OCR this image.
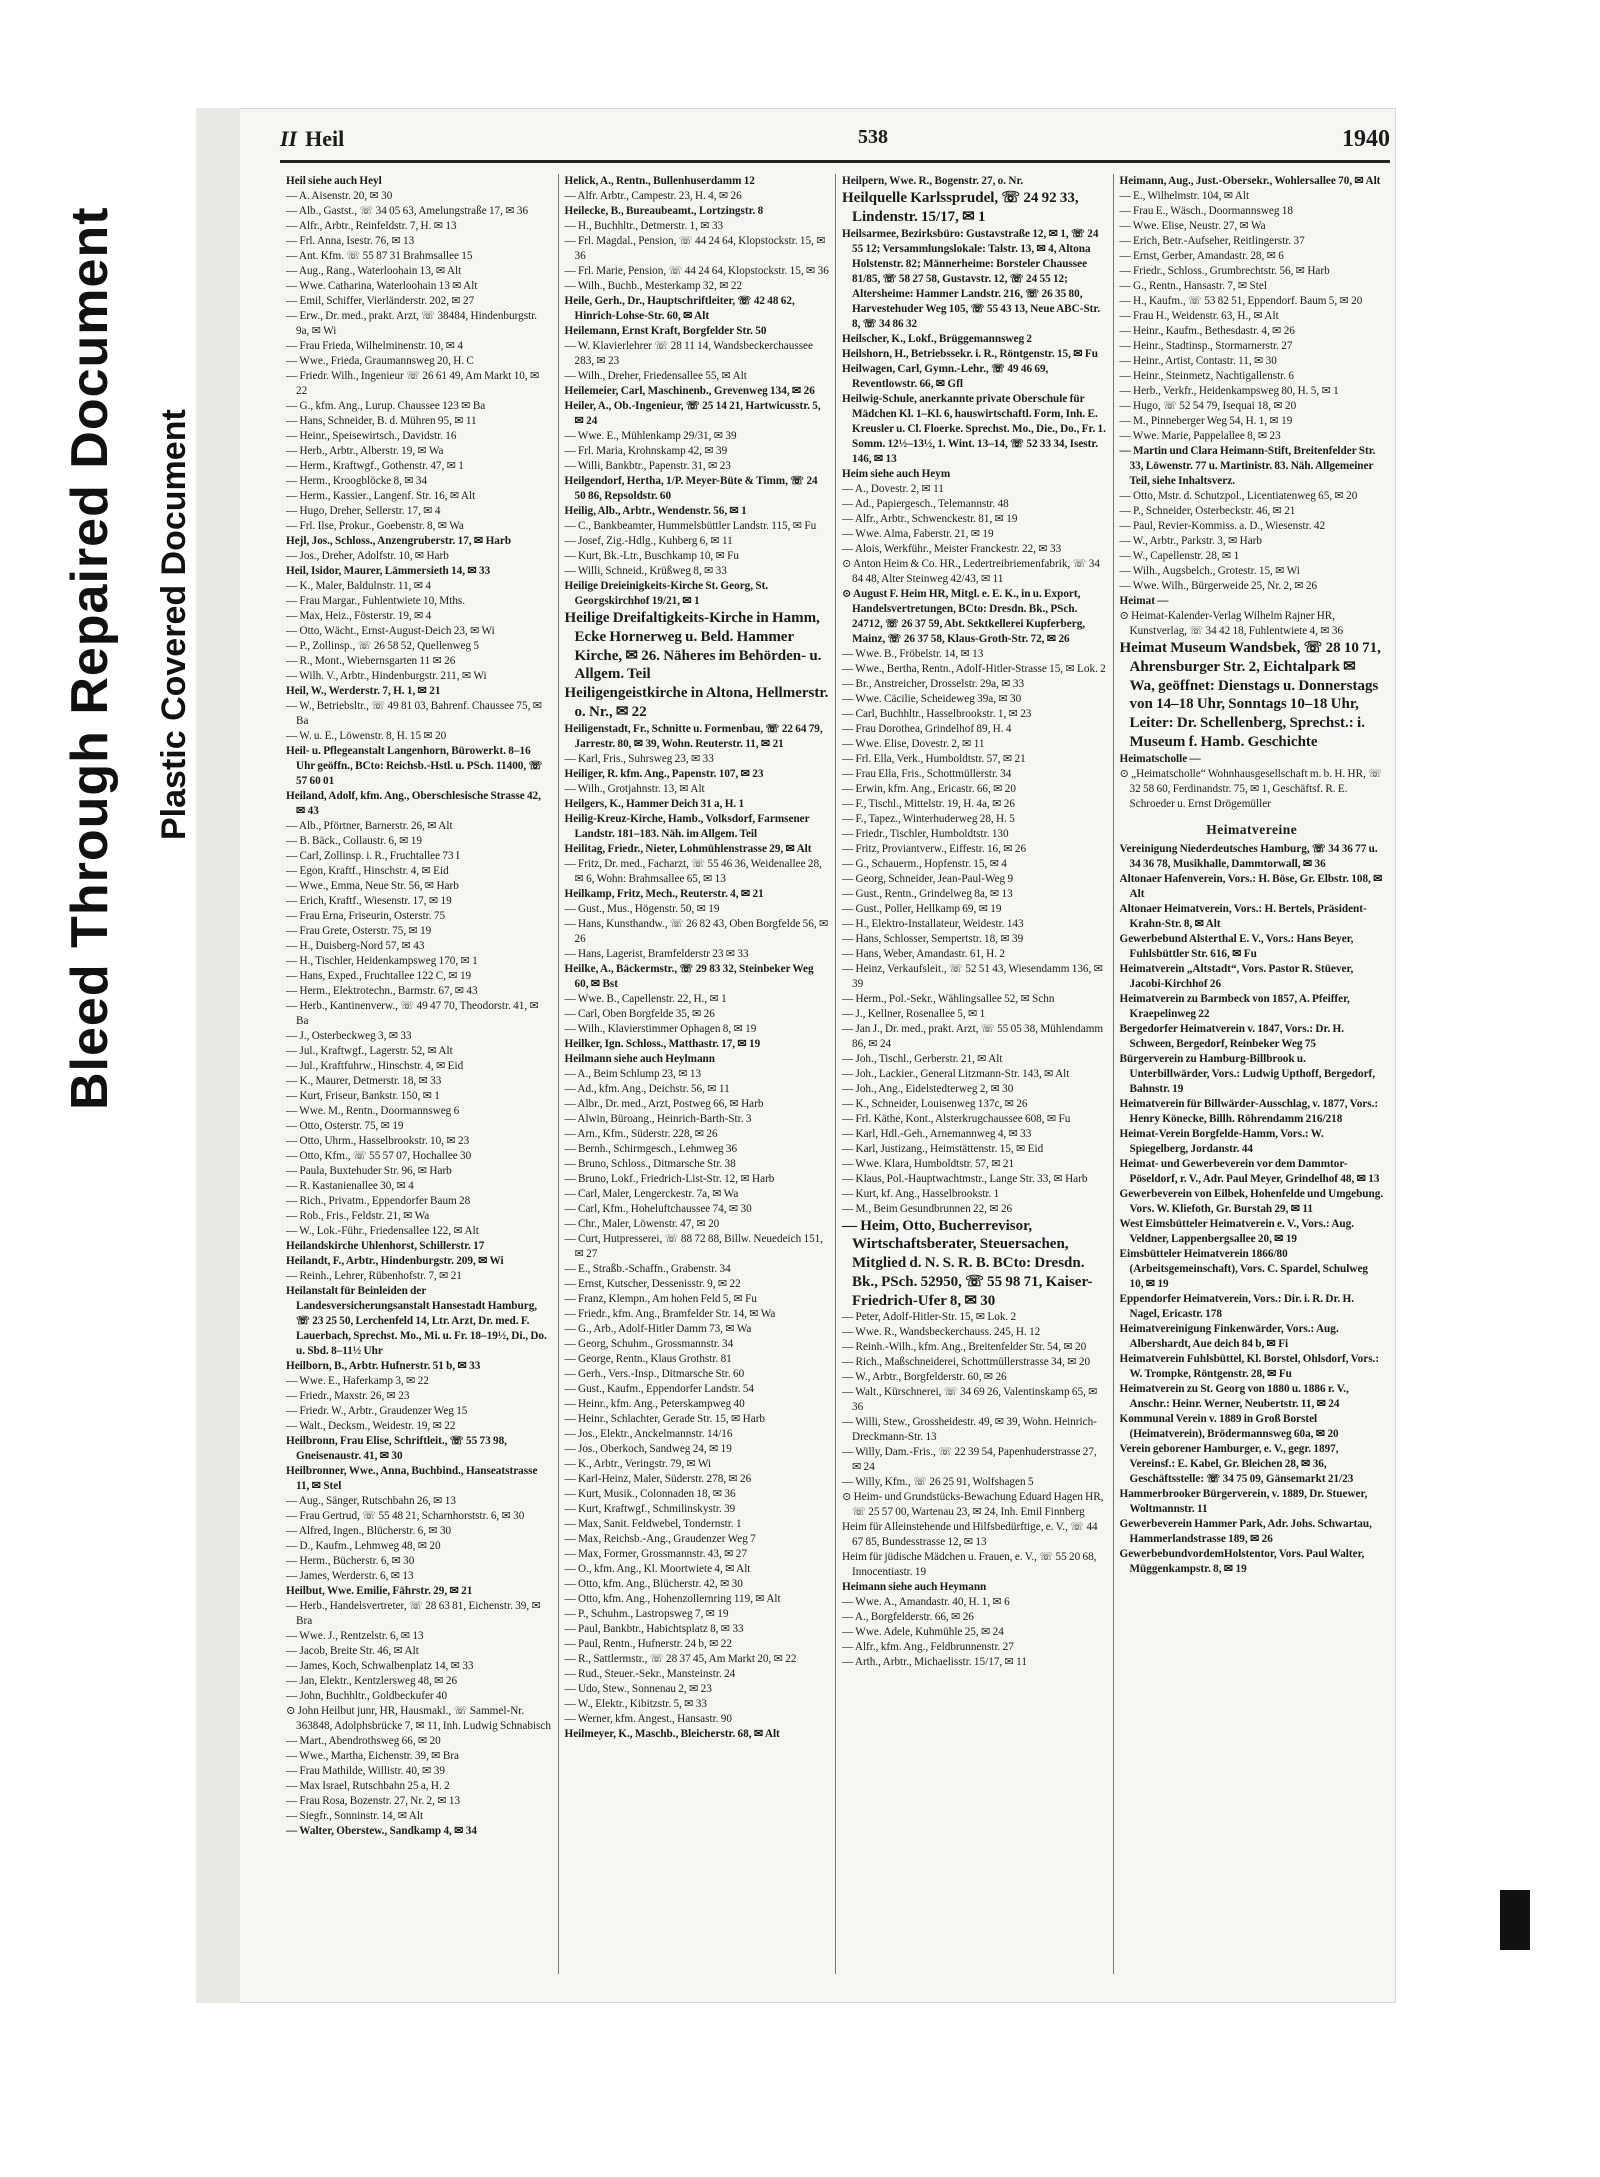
Bleed Through Repaired Document Plastic Covered Document
II Heil	538	1940

Heil siehe auch Heyl

— A. Aisenstr. 20, ✉ 30

— Alb., Gastst., ☏ 34 05 63, Amelungstraße 17, ✉ 36

— Alfr., Arbtr., Reinfeldstr. 7, H. ✉ 13

— Frl. Anna, Isestr. 76, ✉ 13

— Ant. Kfm. ☏ 55 87 31 Brahmsallee 15

— Aug., Rang., Waterloohain 13, ✉ Alt

— Wwe. Catharina, Waterloohain 13 ✉ Alt

— Emil, Schiffer, Vierländerstr. 202, ✉ 27

— Erw., Dr. med., prakt. Arzt, ☏ 38484, Hindenburgstr. 9a, ✉ Wi

— Frau Frieda, Wilhelminenstr. 10, ✉ 4

— Wwe., Frieda, Graumannsweg 20, H. C

— Friedr. Wilh., Ingenieur ☏ 26 61 49, Am Markt 10, ✉ 22

— G., kfm. Ang., Lurup. Chaussee 123 ✉ Ba

— Hans, Schneider, B. d. Mühren 95, ✉ 11

— Heinr., Speisewirtsch., Davidstr. 16

— Herb., Arbtr., Alberstr. 19, ✉ Wa

— Herm., Kraftwgf., Gothenstr. 47, ✉ 1

— Herm., Kroogblöcke 8, ✉ 34

— Herm., Kassier., Langenf. Str. 16, ✉ Alt

— Hugo, Dreher, Sellerstr. 17, ✉ 4

— Frl. Ilse, Prokur., Goebenstr. 8, ✉ Wa

Hejl, Jos., Schloss., Anzengruberstr. 17, ✉ Harb

— Jos., Dreher, Adolfstr. 10, ✉ Harb

Heil, Isidor, Maurer, Lämmersieth 14, ✉ 33

— K., Maler, Baldulnstr. 11, ✉ 4

— Frau Margar., Fuhlentwiete 10, Mths.

— Max, Heiz., Fösterstr. 19, ✉ 4

— Otto, Wächt., Ernst-August-Deich 23, ✉ Wi

— P., Zollinsp., ☏ 26 58 52, Quellenweg 5

— R., Mont., Wiebernsgarten 11 ✉ 26

— Wilh. V., Arbtr., Hindenburgstr. 211, ✉ Wi

Heil, W., Werderstr. 7, H. 1, ✉ 21

— W., Betriebsltr., ☏ 49 81 03, Bahrenf. Chaussee 75, ✉ Ba

— W. u. E., Löwenstr. 8, H. 15 ✉ 20

Heil- u. Pflegeanstalt Langenhorn, Bürowerkt. 8–16 Uhr geöffn., BCto: Reichsb.-Hstl. u. PSch. 11400, ☏ 57 60 01

Heiland, Adolf, kfm. Ang., Oberschlesische Strasse 42, ✉ 43

— Alb., Pförtner, Barnerstr. 26, ✉ Alt

— B. Bäck., Collaustr. 6, ✉ 19

— Carl, Zollinsp. i. R., Fruchtallee 73 I

— Egon, Kraftf., Hinschstr. 4, ✉ Eid

— Wwe., Emma, Neue Str. 56, ✉ Harb

— Erich, Kraftf., Wiesenstr. 17, ✉ 19

— Frau Erna, Friseurin, Osterstr. 75

— Frau Grete, Osterstr. 75, ✉ 19

— H., Duisberg-Nord 57, ✉ 43

— H., Tischler, Heidenkampsweg 170, ✉ 1

— Hans, Exped., Fruchtallee 122 C, ✉ 19

— Herm., Elektrotechn., Barmstr. 67, ✉ 43

— Herb., Kantinenverw., ☏ 49 47 70, Theodorstr. 41, ✉ Ba

— J., Osterbeckweg 3, ✉ 33

— Jul., Kraftwgf., Lagerstr. 52, ✉ Alt

— Jul., Kraftfuhrw., Hinschstr. 4, ✉ Eid

— K., Maurer, Detmerstr. 18, ✉ 33

— Kurt, Friseur, Bankstr. 150, ✉ 1

— Wwe. M., Rentn., Doormannsweg 6

— Otto, Osterstr. 75, ✉ 19

— Otto, Uhrm., Hasselbrookstr. 10, ✉ 23

— Otto, Kfm., ☏ 55 57 07, Hochallee 30

— Paula, Buxtehuder Str. 96, ✉ Harb

— R. Kastanienallee 30, ✉ 4

— Rich., Privatm., Eppendorfer Baum 28

— Rob., Fris., Feldstr. 21, ✉ Wa

— W., Lok.-Führ., Friedensallee 122, ✉ Alt

Heilandskirche Uhlenhorst, Schillerstr. 17

Heilandt, F., Arbtr., Hindenburgstr. 209, ✉ Wi

— Reinh., Lehrer, Rübenhofstr. 7, ✉ 21

Heilanstalt für Beinleiden der Landesversicherungsanstalt Hansestadt Hamburg, ☏ 23 25 50, Lerchenfeld 14, Ltr. Arzt, Dr. med. F. Lauerbach, Sprechst. Mo., Mi. u. Fr. 18–19½, Di., Do. u. Sbd. 8–11½ Uhr

Heilborn, B., Arbtr. Hufnerstr. 51 b, ✉ 33

— Wwe. E., Haferkamp 3, ✉ 22

— Friedr., Maxstr. 26, ✉ 23

— Friedr. W., Arbtr., Graudenzer Weg 15

— Walt., Decksm., Weidestr. 19, ✉ 22

Heilbronn, Frau Elise, Schriftleit., ☏ 55 73 98, Gneisenaustr. 41, ✉ 30

Heilbronner, Wwe., Anna, Buchbind., Hanseatstrasse 11, ✉ Stel

— Aug., Sänger, Rutschbahn 26, ✉ 13

— Frau Gertrud, ☏ 55 48 21, Scharnhorststr. 6, ✉ 30

— Alfred, Ingen., Blücherstr. 6, ✉ 30

— D., Kaufm., Lehmweg 48, ✉ 20

— Herm., Bücherstr. 6, ✉ 30

— James, Werderstr. 6, ✉ 13

Heilbut, Wwe. Emilie, Fährstr. 29, ✉ 21

— Herb., Handelsvertreter, ☏ 28 63 81, Eichenstr. 39, ✉ Bra

— Wwe. J., Rentzelstr. 6, ✉ 13

— Jacob, Breite Str. 46, ✉ Alt

— James, Koch, Schwalbenplatz 14, ✉ 33

— Jan, Elektr., Kentzlersweg 48, ✉ 26

— John, Buchhltr., Goldbeckufer 40

⊙ John Heilbut junr, HR, Hausmakl., ☏ Sammel-Nr. 363848, Adolphsbrücke 7, ✉ 11, Inh. Ludwig Schnabisch

— Mart., Abendrothsweg 66, ✉ 20

— Wwe., Martha, Eichenstr. 39, ✉ Bra

— Frau Mathilde, Willistr. 40, ✉ 39

— Max Israel, Rutschbahn 25 a, H. 2

— Frau Rosa, Bozenstr. 27, Nr. 2, ✉ 13

— Siegfr., Sonninstr. 14, ✉ Alt

— Walter, Oberstew., Sandkamp 4, ✉ 34

Helick, A., Rentn., Bullenhuserdamm 12

— Alfr. Arbtr., Campestr. 23, H. 4, ✉ 26

Heilecke, B., Bureaubeamt., Lortzingstr. 8

— H., Buchhltr., Detmerstr. 1, ✉ 33

— Frl. Magdal., Pension, ☏ 44 24 64, Klopstockstr. 15, ✉ 36

— Frl. Marie, Pension, ☏ 44 24 64, Klopstockstr. 15, ✉ 36

— Wilh., Buchb., Mesterkamp 32, ✉ 22

Heile, Gerh., Dr., Hauptschriftleiter, ☏ 42 48 62, Hinrich-Lohse-Str. 60, ✉ Alt

Heilemann, Ernst Kraft, Borgfelder Str. 50

— W. Klavierlehrer ☏ 28 11 14, Wandsbeckerchaussee 283, ✉ 23

— Wilh., Dreher, Friedensallee 55, ✉ Alt

Heilemeier, Carl, Maschinenb., Grevenweg 134, ✉ 26

Heiler, A., Ob.-Ingenieur, ☏ 25 14 21, Hartwicusstr. 5, ✉ 24

— Wwe. E., Mühlenkamp 29/31, ✉ 39

— Frl. Maria, Krohnskamp 42, ✉ 39

— Willi, Bankbtr., Papenstr. 31, ✉ 23

Heilgendorf, Hertha, 1/P. Meyer-Büte & Timm, ☏ 24 50 86, Repsoldstr. 60

Heilig, Alb., Arbtr., Wendenstr. 56, ✉ 1

— C., Bankbeamter, Hummelsbüttler Landstr. 115, ✉ Fu

— Josef, Zig.-Hdlg., Kuhberg 6, ✉ 11

— Kurt, Bk.-Ltr., Buschkamp 10, ✉ Fu

— Willi, Schneid., Krüßweg 8, ✉ 33

Heilige Dreieinigkeits-Kirche St. Georg, St. Georgskirchhof 19/21, ✉ 1

Heilige Dreifaltigkeits-Kirche in Hamm, Ecke Hornerweg u. Beld. Hammer Kirche, ✉ 26. Näheres im Behörden- u. Allgem. Teil

Heiligengeistkirche in Altona, Hellmerstr. o. Nr., ✉ 22

Heiligenstadt, Fr., Schnitte u. Formenbau, ☏ 22 64 79, Jarrestr. 80, ✉ 39, Wohn. Reuterstr. 11, ✉ 21

— Karl, Fris., Suhrsweg 23, ✉ 33

Heiliger, R. kfm. Ang., Papenstr. 107, ✉ 23

— Wilh., Grotjahnstr. 13, ✉ Alt

Heilgers, K., Hammer Deich 31 a, H. 1

Heilig-Kreuz-Kirche, Hamb., Volksdorf, Farmsener Landstr. 181–183. Näh. im Allgem. Teil

Heilitag, Friedr., Nieter, Lohmühlenstrasse 29, ✉ Alt

— Fritz, Dr. med., Facharzt, ☏ 55 46 36, Weidenallee 28, ✉ 6, Wohn: Brahmsallee 65, ✉ 13

Heilkamp, Fritz, Mech., Reuterstr. 4, ✉ 21

— Gust., Mus., Högenstr. 50, ✉ 19

— Hans, Kunsthandw., ☏ 26 82 43, Oben Borgfelde 56, ✉ 26

— Hans, Lagerist, Bramfelderstr 23 ✉ 33

Heilke, A., Bäckermstr., ☏ 29 83 32, Steinbeker Weg 60, ✉ Bst

— Wwe. B., Capellenstr. 22, H., ✉ 1

— Carl, Oben Borgfelde 35, ✉ 26

— Wilh., Klavierstimmer Ophagen 8, ✉ 19

Heilker, Ign. Schloss., Matthastr. 17, ✉ 19

Heilmann siehe auch Heylmann

— A., Beim Schlump 23, ✉ 13

— Ad., kfm. Ang., Deichstr. 56, ✉ 11

— Albr., Dr. med., Arzt, Postweg 66, ✉ Harb

— Alwin, Büroang., Heinrich-Barth-Str. 3

— Arn., Kfm., Süderstr. 228, ✉ 26

— Bernh., Schirmgesch., Lehmweg 36

— Bruno, Schloss., Ditmarsche Str. 38

— Bruno, Lokf., Friedrich-List-Str. 12, ✉ Harb

— Carl, Maler, Lengerckestr. 7a, ✉ Wa

— Carl, Kfm., Hoheluftchaussee 74, ✉ 30

— Chr., Maler, Löwenstr. 47, ✉ 20

— Curt, Hutpresserei, ☏ 88 72 88, Billw. Neuedeich 151, ✉ 27

— E., Straßb.-Schaffn., Grabenstr. 34

— Ernst, Kutscher, Dessenisstr. 9, ✉ 22

— Franz, Klempn., Am hohen Feld 5, ✉ Fu

— Friedr., kfm. Ang., Bramfelder Str. 14, ✉ Wa

— G., Arb., Adolf-Hitler Damm 73, ✉ Wa

— Georg, Schuhm., Grossmannstr. 34

— George, Rentn., Klaus Grothstr. 81

— Gerh., Vers.-Insp., Ditmarsche Str. 60

— Gust., Kaufm., Eppendorfer Landstr. 54

— Heinr., kfm. Ang., Peterskampweg 40

— Heinr., Schlachter, Gerade Str. 15, ✉ Harb

— Jos., Elektr., Anckelmannstr. 14/16

— Jos., Oberkoch, Sandweg 24, ✉ 19

— K., Arbtr., Veringstr. 79, ✉ Wi

— Karl-Heinz, Maler, Süderstr. 278, ✉ 26

— Kurt, Musik., Colonnaden 18, ✉ 36

— Kurt, Kraftwgf., Schmilinskystr. 39

— Max, Sanit. Feldwebel, Tondernstr. 1

— Max, Reichsb.-Ang., Graudenzer Weg 7

— Max, Former, Grossmannstr. 43, ✉ 27

— O., kfm. Ang., Kl. Moortwiete 4, ✉ Alt

— Otto, kfm. Ang., Blücherstr. 42, ✉ 30

— Otto, kfm. Ang., Hohenzollernring 119, ✉ Alt

— P., Schuhm., Lastropsweg 7, ✉ 19

— Paul, Bankbtr., Habichtsplatz 8, ✉ 33

— Paul, Rentn., Hufnerstr. 24 b, ✉ 22

— R., Sattlermstr., ☏ 28 37 45, Am Markt 20, ✉ 22

— Rud., Steuer.-Sekr., Mansteinstr. 24

— Udo, Stew., Sonnenau 2, ✉ 23

— W., Elektr., Kibitzstr. 5, ✉ 33

— Werner, kfm. Angest., Hansastr. 90

Heilmeyer, K., Maschb., Bleicherstr. 68, ✉ Alt

Heilpern, Wwe. R., Bogenstr. 27, o. Nr.

Heilquelle Karlssprudel, ☏ 24 92 33, Lindenstr. 15/17, ✉ 1

Heilsarmee, Bezirksbüro: Gustavstraße 12, ✉ 1, ☏ 24 55 12; Versammlungslokale: Talstr. 13, ✉ 4, Altona Holstenstr. 82; Männerheime: Borsteler Chaussee 81/85, ☏ 58 27 58, Gustavstr. 12, ☏ 24 55 12; Altersheime: Hammer Landstr. 216, ☏ 26 35 80, Harvestehuder Weg 105, ☏ 55 43 13, Neue ABC-Str. 8, ☏ 34 86 32

Heilscher, K., Lokf., Brüggemannsweg 2

Heilshorn, H., Betriebssekr. i. R., Röntgenstr. 15, ✉ Fu

Heilwagen, Carl, Gymn.-Lehr., ☏ 49 46 69, Reventlowstr. 66, ✉ Gfl

Heilwig-Schule, anerkannte private Oberschule für Mädchen Kl. 1–Kl. 6, hauswirtschaftl. Form, Inh. E. Kreusler u. Cl. Floerke. Sprechst. Mo., Die., Do., Fr. 1. Somm. 12½–13½, 1. Wint. 13–14, ☏ 52 33 34, Isestr. 146, ✉ 13

Heim siehe auch Heym

— A., Dovestr. 2, ✉ 11

— Ad., Papiergesch., Telemannstr. 48

— Alfr., Arbtr., Schwenckestr. 81, ✉ 19

— Wwe. Alma, Faberstr. 21, ✉ 19

— Alois, Werkführ., Meister Franckestr. 22, ✉ 33

⊙ Anton Heim & Co. HR., Ledertreibriemenfabrik, ☏ 34 84 48, Alter Steinweg 42/43, ✉ 11

⊙ August F. Heim HR, Mitgl. e. E. K., in u. Export, Handelsvertretungen, BCto: Dresdn. Bk., PSch. 24712, ☏ 26 37 59, Abt. Sektkellerei Kupferberg, Mainz, ☏ 26 37 58, Klaus-Groth-Str. 72, ✉ 26

— Wwe. B., Fröbelstr. 14, ✉ 13

— Wwe., Bertha, Rentn., Adolf-Hitler-Strasse 15, ✉ Lok. 2

— Br., Anstreicher, Drosselstr. 29a, ✉ 33

— Wwe. Cäcilie, Scheideweg 39a, ✉ 30

— Carl, Buchhltr., Hasselbrookstr. 1, ✉ 23

— Frau Dorothea, Grindelhof 89, H. 4

— Wwe. Elise, Dovestr. 2, ✉ 11

— Frl. Ella, Verk., Humboldtstr. 57, ✉ 21

— Frau Ella, Fris., Schottmüllerstr. 34

— Erwin, kfm. Ang., Ericastr. 66, ✉ 20

— F., Tischl., Mittelstr. 19, H. 4a, ✉ 26

— F., Tapez., Winterhuderweg 28, H. 5

— Friedr., Tischler, Humboldtstr. 130

— Fritz, Proviantverw., Eiffestr. 16, ✉ 26

— G., Schauerm., Hopfenstr. 15, ✉ 4

— Georg, Schneider, Jean-Paul-Weg 9

— Gust., Rentn., Grindelweg 8a, ✉ 13

— Gust., Poller, Hellkamp 69, ✉ 19

— H., Elektro-Installateur, Weidestr. 143

— Hans, Schlosser, Sempertstr. 18, ✉ 39

— Hans, Weber, Amandastr. 61, H. 2

— Heinz, Verkaufsleit., ☏ 52 51 43, Wiesendamm 136, ✉ 39

— Herm., Pol.-Sekr., Wählingsallee 52, ✉ Schn

— J., Kellner, Rosenallee 5, ✉ 1

— Jan J., Dr. med., prakt. Arzt, ☏ 55 05 38, Mühlendamm 86, ✉ 24

— Joh., Tischl., Gerberstr. 21, ✉ Alt

— Joh., Lackier., General Litzmann-Str. 143, ✉ Alt

— Joh., Ang., Eidelstedterweg 2, ✉ 30

— K., Schneider, Louisenweg 137c, ✉ 26

— Frl. Käthe, Kont., Alsterkrugchaussee 608, ✉ Fu

— Karl, Hdl.-Geh., Arnemannweg 4, ✉ 33

— Karl, Justizang., Heimstättenstr. 15, ✉ Eid

— Wwe. Klara, Humboldtstr. 57, ✉ 21

— Klaus, Pol.-Hauptwachtmstr., Lange Str. 33, ✉ Harb

— Kurt, kf. Ang., Hasselbrookstr. 1

— M., Beim Gesundbrunnen 22, ✉ 26

— Heim, Otto, Bucherrevisor, Wirtschaftsberater, Steuersachen, Mitglied d. N. S. R. B. BCto: Dresdn. Bk., PSch. 52950, ☏ 55 98 71, Kaiser-Friedrich-Ufer 8, ✉ 30

— Peter, Adolf-Hitler-Str. 15, ✉ Lok. 2

— Wwe. R., Wandsbeckerchauss. 245, H. 12

— Reinh.-Wilh., kfm. Ang., Breitenfelder Str. 54, ✉ 20

— Rich., Maßschneiderei, Schottmüllerstrasse 34, ✉ 20

— W., Arbtr., Borgfelderstr. 60, ✉ 26

— Walt., Kürschnerei, ☏ 34 69 26, Valentinskamp 65, ✉ 36

— Willi, Stew., Grossheidestr. 49, ✉ 39, Wohn. Heinrich-Dreckmann-Str. 13

— Willy, Dam.-Fris., ☏ 22 39 54, Papenhuderstrasse 27, ✉ 24

— Willy, Kfm., ☏ 26 25 91, Wolfshagen 5

⊙ Heim- und Grundstücks-Bewachung Eduard Hagen HR, ☏ 25 57 00, Wartenau 23, ✉ 24, Inh. Emil Finnberg

Heim für Alleinstehende und Hilfsbedürftige, e. V., ☏ 44 67 85, Bundesstrasse 12, ✉ 13

Heim für jüdische Mädchen u. Frauen, e. V., ☏ 55 20 68, Innocentiastr. 19

Heimann siehe auch Heymann

— Wwe. A., Amandastr. 40, H. 1, ✉ 6

— A., Borgfelderstr. 66, ✉ 26

— Wwe. Adele, Kuhmühle 25, ✉ 24

— Alfr., kfm. Ang., Feldbrunnenstr. 27

— Arth., Arbtr., Michaelisstr. 15/17, ✉ 11

Heimann, Aug., Just.-Obersekr., Wohlersallee 70, ✉ Alt

— E., Wilhelmstr. 104, ✉ Alt

— Frau E., Wäsch., Doormannsweg 18

— Wwe. Elise, Neustr. 27, ✉ Wa

— Erich, Betr.-Aufseher, Reitlingerstr. 37

— Ernst, Gerber, Amandastr. 28, ✉ 6

— Friedr., Schloss., Grumbrechtstr. 56, ✉ Harb

— G., Rentn., Hansastr. 7, ✉ Stel

— H., Kaufm., ☏ 53 82 51, Eppendorf. Baum 5, ✉ 20

— Frau H., Weidenstr. 63, H., ✉ Alt

— Heinr., Kaufm., Bethesdastr. 4, ✉ 26

— Heinr., Stadtinsp., Stormarnerstr. 27

— Heinr., Artist, Contastr. 11, ✉ 30

— Heinr., Steinmetz, Nachtigallenstr. 6

— Herb., Verkfr., Heidenkampsweg 80, H. 5, ✉ 1

— Hugo, ☏ 52 54 79, Isequai 18, ✉ 20

— M., Pinneberger Weg 54, H. 1, ✉ 19

— Wwe. Marie, Pappelallee 8, ✉ 23

— Martin und Clara Heimann-Stift, Breitenfelder Str. 33, Löwenstr. 77 u. Martinistr. 83. Näh. Allgemeiner Teil, siehe Inhaltsverz.

— Otto, Mstr. d. Schutzpol., Licentiatenweg 65, ✉ 20

— P., Schneider, Osterbeckstr. 46, ✉ 21

— Paul, Revier-Kommiss. a. D., Wiesenstr. 42

— W., Arbtr., Parkstr. 3, ✉ Harb

— W., Capellenstr. 28, ✉ 1

— Wilh., Augsbelch., Grotestr. 15, ✉ Wi

— Wwe. Wilh., Bürgerweide 25, Nr. 2, ✉ 26

Heimat —

⊙ Heimat-Kalender-Verlag Wilhelm Rajner HR, Kunstverlag, ☏ 34 42 18, Fuhlentwiete 4, ✉ 36

Heimat Museum Wandsbek, ☏ 28 10 71, Ahrensburger Str. 2, Eichtalpark ✉ Wa, geöffnet: Dienstags u. Donnerstags von 14–18 Uhr, Sonntags 10–18 Uhr, Leiter: Dr. Schellenberg, Sprechst.: i. Museum f. Hamb. Geschichte

Heimatscholle —

⊙ „Heimatscholle“ Wohnhausgesellschaft m. b. H. HR, ☏ 32 58 60, Ferdinandstr. 75, ✉ 1, Geschäftsf. R. E. Schroeder u. Ernst Drögemüller

Heimatvereine

Vereinigung Niederdeutsches Hamburg, ☏ 34 36 77 u. 34 36 78, Musikhalle, Dammtorwall, ✉ 36

Altonaer Hafenverein, Vors.: H. Böse, Gr. Elbstr. 108, ✉ Alt

Altonaer Heimatverein, Vors.: H. Bertels, Präsident-Krahn-Str. 8, ✉ Alt

Gewerbebund Alsterthal E. V., Vors.: Hans Beyer, Fuhlsbüttler Str. 616, ✉ Fu

Heimatverein „Altstadt“, Vors. Pastor R. Stüever, Jacobi-Kirchhof 26

Heimatverein zu Barmbeck von 1857, A. Pfeiffer, Kraepelinweg 22

Bergedorfer Heimatverein v. 1847, Vors.: Dr. H. Schween, Bergedorf, Reinbeker Weg 75

Bürgerverein zu Hamburg-Billbrook u. Unterbillwärder, Vors.: Ludwig Upthoff, Bergedorf, Bahnstr. 19

Heimatverein für Billwärder-Ausschlag, v. 1877, Vors.: Henry Könecke, Billh. Röhrendamm 216/218

Heimat-Verein Borgfelde-Hamm, Vors.: W. Spiegelberg, Jordanstr. 44

Heimat- und Gewerbeverein vor dem Dammtor-Pöseldorf, r. V., Adr. Paul Meyer, Grindelhof 48, ✉ 13

Gewerbeverein von Eilbek, Hohenfelde und Umgebung. Vors. W. Kliefoth, Gr. Burstah 29, ✉ 11

West Eimsbütteler Heimatverein e. V., Vors.: Aug. Veldner, Lappenbergsallee 20, ✉ 19

Eimsbütteler Heimatverein 1866/80 (Arbeitsgemeinschaft), Vors. C. Spardel, Schulweg 10, ✉ 19

Eppendorfer Heimatverein, Vors.: Dir. i. R. Dr. H. Nagel, Ericastr. 178

Heimatvereinigung Finkenwärder, Vors.: Aug. Albershardt, Aue deich 84 b, ✉ Fi

Heimatverein Fuhlsbüttel, Kl. Borstel, Ohlsdorf, Vors.: W. Trompke, Röntgenstr. 28, ✉ Fu

Heimatverein zu St. Georg von 1880 u. 1886 r. V., Anschr.: Heinr. Werner, Neubertstr. 11, ✉ 24

Kommunal Verein v. 1889 in Groß Borstel (Heimatverein), Brödermannsweg 60a, ✉ 20

Verein geborener Hamburger, e. V., gegr. 1897, Vereinsf.: E. Kabel, Gr. Bleichen 28, ✉ 36, Geschäftsstelle: ☏ 34 75 09, Gänsemarkt 21/23

Hammerbrooker Bürgerverein, v. 1889, Dr. Stuewer, Woltmannstr. 11

Gewerbeverein Hammer Park, Adr. Johs. Schwartau, Hammerlandstrasse 189, ✉ 26

GewerbebundvordemHolstentor, Vors. Paul Walter, Müggenkampstr. 8, ✉ 19
